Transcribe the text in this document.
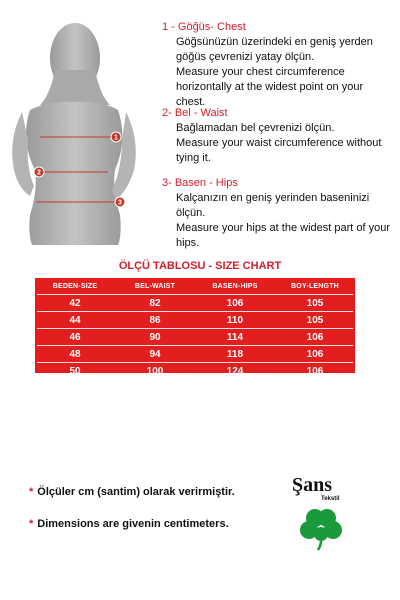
1
2
3
1 - Göğüs- Chest
Göğsünüzün üzerindeki en geniş yerden göğüs çevrenizi yatay ölçün.
Measure your chest circumference horizontally at the widest point on your chest.
2- Bel - Waist
Bağlamadan bel çevrenizi ölçün.
Measure your waist circumference without tying it.
3- Basen - Hips
Kalçanızın en geniş yerinden baseninizi ölçün.
Measure your hips at the widest part of your hips.
ÖLÇÜ TABLOSU - SIZE CHART
BEDEN-SIZE	BEL-WAIST	BASEN-HIPS	BOY-LENGTH
42	82	106	105
44	86	110	105
46	90	114	106
48	94	118	106
50	100	124	106
* Ölçüler cm (santim) olarak verirmiştir.
* Dimensions are givenin centimeters.
Şans
Tekstil
